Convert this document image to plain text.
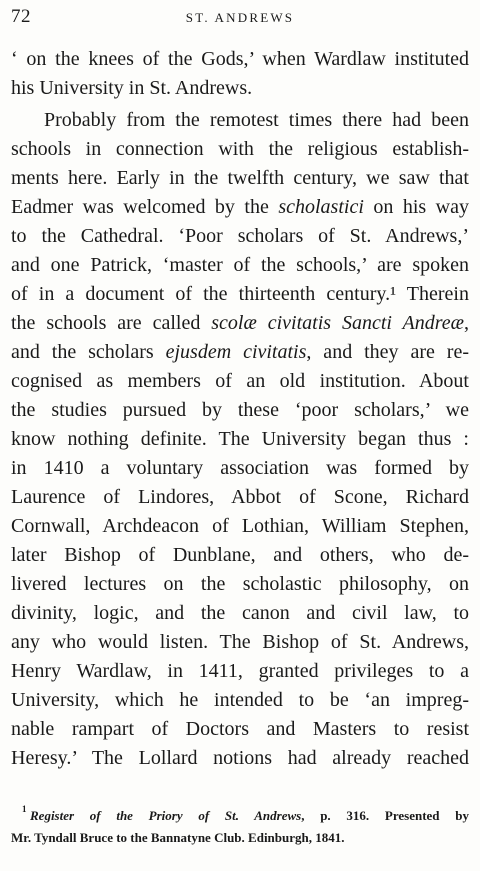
72	ST. ANDREWS
‘ on the knees of the Gods,’ when Wardlaw instituted
his University in St. Andrews.
Probably from the remotest times there had been
schools in connection with the religious establish-
ments here. Early in the twelfth century, we saw that
Eadmer was welcomed by the scholastici on his way
to the Cathedral. ‘Poor scholars of St. Andrews,’
and one Patrick, ‘master of the schools,’ are spoken
of in a document of the thirteenth century.¹ Therein
the schools are called scolæ civitatis Sancti Andreæ,
and the scholars ejusdem civitatis, and they are re-
cognised as members of an old institution. About
the studies pursued by these ‘poor scholars,’ we
know nothing definite. The University began thus :
in 1410 a voluntary association was formed by
Laurence of Lindores, Abbot of Scone, Richard
Cornwall, Archdeacon of Lothian, William Stephen,
later Bishop of Dunblane, and others, who de-
livered lectures on the scholastic philosophy, on
divinity, logic, and the canon and civil law, to
any who would listen. The Bishop of St. Andrews,
Henry Wardlaw, in 1411, granted privileges to a
University, which he intended to be ‘an impreg-
nable rampart of Doctors and Masters to resist
Heresy.’ The Lollard notions had already reached
1 Register of the Priory of St. Andrews, p. 316. Presented by
Mr. Tyndall Bruce to the Bannatyne Club. Edinburgh, 1841.
